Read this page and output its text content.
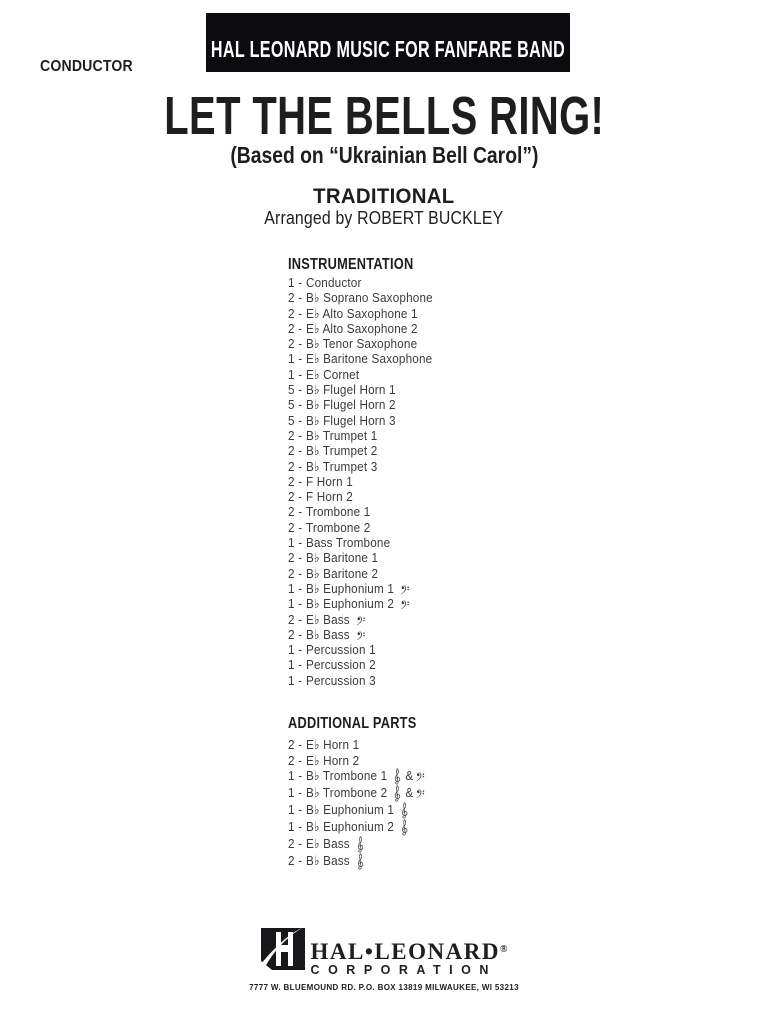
CONDUCTOR
HAL LEONARD MUSIC FOR FANFARE BAND
LET THE BELLS RING!
(Based on “Ukrainian Bell Carol”)
TRADITIONAL
Arranged by ROBERT BUCKLEY
INSTRUMENTATION
1 - Conductor
2 - B♭ Soprano Saxophone
2 - E♭ Alto Saxophone 1
2 - E♭ Alto Saxophone 2
2 - B♭ Tenor Saxophone
1 - E♭ Baritone Saxophone
1 - E♭ Cornet
5 - B♭ Flugel Horn 1
5 - B♭ Flugel Horn 2
5 - B♭ Flugel Horn 3
2 - B♭ Trumpet 1
2 - B♭ Trumpet 2
2 - B♭ Trumpet 3
2 - F Horn 1
2 - F Horn 2
2 - Trombone 1
2 - Trombone 2
1 - Bass Trombone
2 - B♭ Baritone 1
2 - B♭ Baritone 2
1 - B♭ Euphonium 1
1 - B♭ Euphonium 2
2 - E♭ Bass
2 - B♭ Bass
1 - Percussion 1
1 - Percussion 2
1 - Percussion 3
ADDITIONAL PARTS
2 - E♭ Horn 1
2 - E♭ Horn 2
1 - B♭ Trombone 1 &
1 - B♭ Trombone 2 &
1 - B♭ Euphonium 1
1 - B♭ Euphonium 2
2 - E♭ Bass
2 - B♭ Bass
HAL•LEONARD®
CORPORATION
7777 W. BLUEMOUND RD. P.O. BOX 13819 MILWAUKEE, WI 53213
